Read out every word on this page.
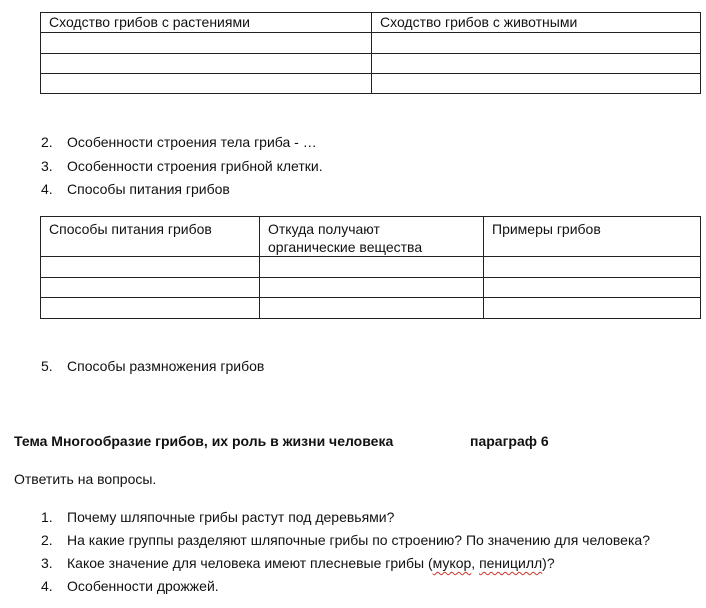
Сходство грибов с растениями	Сходство грибов с животными

2. Особенности строения тела гриба - …
3. Особенности строения грибной клетки.
4. Способы питания грибов
Способы питания грибов	Откуда получают органические вещества	Примеры грибов

5. Способы размножения грибов
Тема Многообразие грибов, их роль в жизни человека	параграф 6
Ответить на вопросы.
1. Почему шляпочные грибы растут под деревьями?
2. На какие группы разделяют шляпочные грибы по строению? По значению для человека?
3. Какое значение для человека имеют плесневые грибы (мукор, пеницилл)?
4. Особенности дрожжей.
